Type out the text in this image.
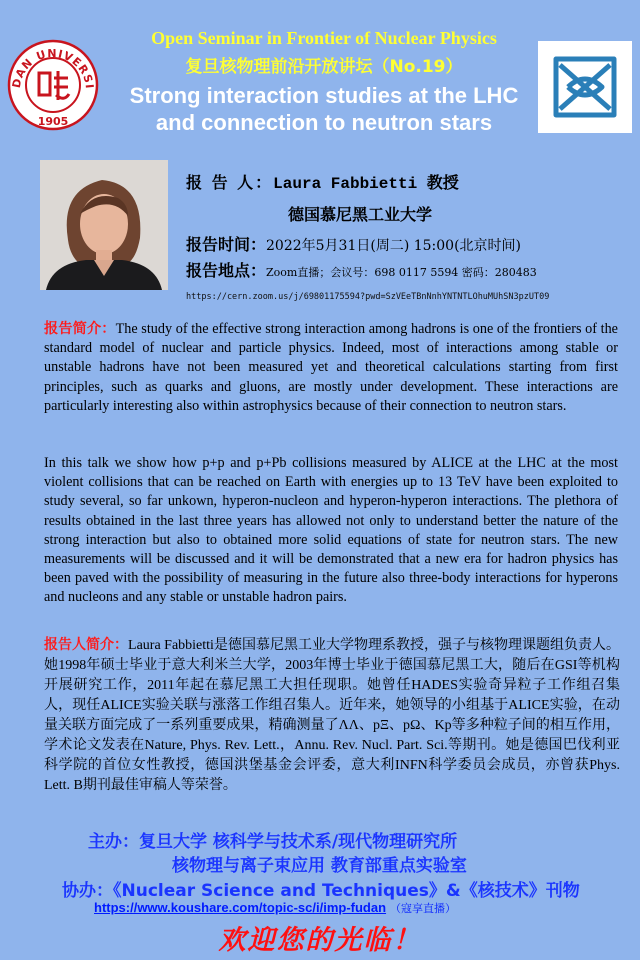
DAN UNIVERSI
1905
Open Seminar in Frontier of Nuclear Physics
复旦核物理前沿开放讲坛（No.19）
Strong interaction studies at the LHC
and connection to neutron stars
报 告 人：Laura Fabbietti 教授
德国慕尼黑工业大学
报告时间：2022年5月31日(周二) 15:00(北京时间)
报告地点：Zoom直播；会议号：698 0117 5594 密码：280483
https://cern.zoom.us/j/69801175594?pwd=SzVEeTBnNnhYNTNTLOhuMUhSN3pzUT09
报告简介：The study of the effective strong interaction among hadrons is one of the frontiers of the standard model of nuclear and particle physics. Indeed, most of interactions among stable or unstable hadrons have not been measured yet and theoretical calculations starting from first principles, such as quarks and gluons, are mostly under development. These interactions are particularly interesting also within astrophysics because of their connection to neutron stars.
In this talk we show how p+p and p+Pb collisions measured by ALICE at the LHC at the most violent collisions that can be reached on Earth with energies up to 13 TeV have been exploited to study several, so far unkown, hyperon-nucleon and hyperon-hyperon interactions. The plethora of results obtained in the last three years has allowed not only to understand better the nature of the strong interaction but also to obtained more solid equations of state for neutron stars. The new measurements will be discussed and it will be demonstrated that a new era for hadron physics has been paved with the possibility of measuring in the future also three-body interactions for hyperons and nucleons and any stable or unstable hadron pairs.
报告人简介：Laura Fabbietti是德国慕尼黑工业大学物理系教授，强子与核物理课题组负责人。她1998年硕士毕业于意大利米兰大学，2003年博士毕业于德国慕尼黑工大，随后在GSI等机构开展研究工作，2011年起在慕尼黑工大担任现职。她曾任HADES实验奇异粒子工作组召集人，现任ALICE实验关联与涨落工作组召集人。近年来，她领导的小组基于ALICE实验，在动量关联方面完成了一系列重要成果，精确测量了ΛΛ、pΞ、pΩ、Kp等多种粒子间的相互作用，学术论文发表在Nature, Phys. Rev. Lett.，Annu. Rev. Nucl. Part. Sci.等期刊。她是德国巴伐利亚科学院的首位女性教授，德国洪堡基金会评委，意大利INFN科学委员会成员，亦曾获Phys. Lett. B期刊最佳审稿人等荣誉。
主办：复旦大学 核科学与技术系/现代物理研究所
核物理与离子束应用 教育部重点实验室
协办：《Nuclear Science and Techniques》&《核技术》刊物
https://www.koushare.com/topic-sc/i/imp-fudan （寇享直播）
欢迎您的光临！
